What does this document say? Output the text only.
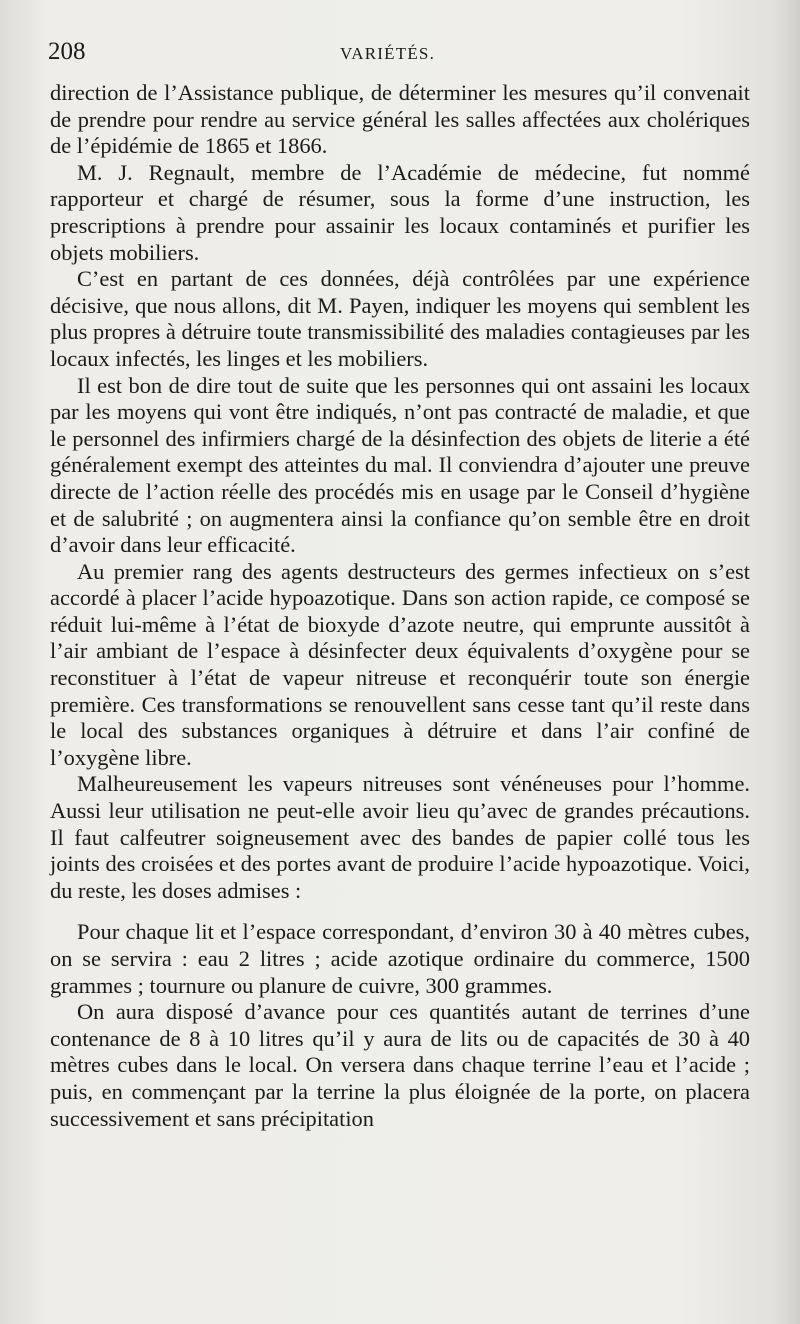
208	VARIÉTÉS.

direction de l’Assistance publique, de déterminer les mesures qu’il convenait de prendre pour rendre au service général les salles affectées aux cholériques de l’épidémie de 1865 et 1866.

M. J. Regnault, membre de l’Académie de médecine, fut nommé rapporteur et chargé de résumer, sous la forme d’une instruction, les prescriptions à prendre pour assainir les locaux contaminés et purifier les objets mobiliers.

C’est en partant de ces données, déjà contrôlées par une expérience décisive, que nous allons, dit M. Payen, indiquer les moyens qui semblent les plus propres à détruire toute transmissibilité des maladies contagieuses par les locaux infectés, les linges et les mobiliers.

Il est bon de dire tout de suite que les personnes qui ont assaini les locaux par les moyens qui vont être indiqués, n’ont pas contracté de maladie, et que le personnel des infirmiers chargé de la désinfection des objets de literie a été généralement exempt des atteintes du mal. Il conviendra d’ajouter une preuve directe de l’action réelle des procédés mis en usage par le Conseil d’hygiène et de salubrité ; on augmentera ainsi la confiance qu’on semble être en droit d’avoir dans leur efficacité.

Au premier rang des agents destructeurs des germes infectieux on s’est accordé à placer l’acide hypoazotique. Dans son action rapide, ce composé se réduit lui-même à l’état de bioxyde d’azote neutre, qui emprunte aussitôt à l’air ambiant de l’espace à désinfecter deux équivalents d’oxygène pour se reconstituer à l’état de vapeur nitreuse et reconquérir toute son énergie première. Ces transformations se renouvellent sans cesse tant qu’il reste dans le local des substances organiques à détruire et dans l’air confiné de l’oxygène libre.

Malheureusement les vapeurs nitreuses sont vénéneuses pour l’homme. Aussi leur utilisation ne peut-elle avoir lieu qu’avec de grandes précautions. Il faut calfeutrer soigneusement avec des bandes de papier collé tous les joints des croisées et des portes avant de produire l’acide hypoazotique. Voici, du reste, les doses admises :

Pour chaque lit et l’espace correspondant, d’environ 30 à 40 mètres cubes, on se servira : eau 2 litres ; acide azotique ordinaire du commerce, 1500 grammes ; tournure ou planure de cuivre, 300 grammes.

On aura disposé d’avance pour ces quantités autant de terrines d’une contenance de 8 à 10 litres qu’il y aura de lits ou de capacités de 30 à 40 mètres cubes dans le local. On versera dans chaque terrine l’eau et l’acide ; puis, en commençant par la terrine la plus éloignée de la porte, on placera successivement et sans précipitation
